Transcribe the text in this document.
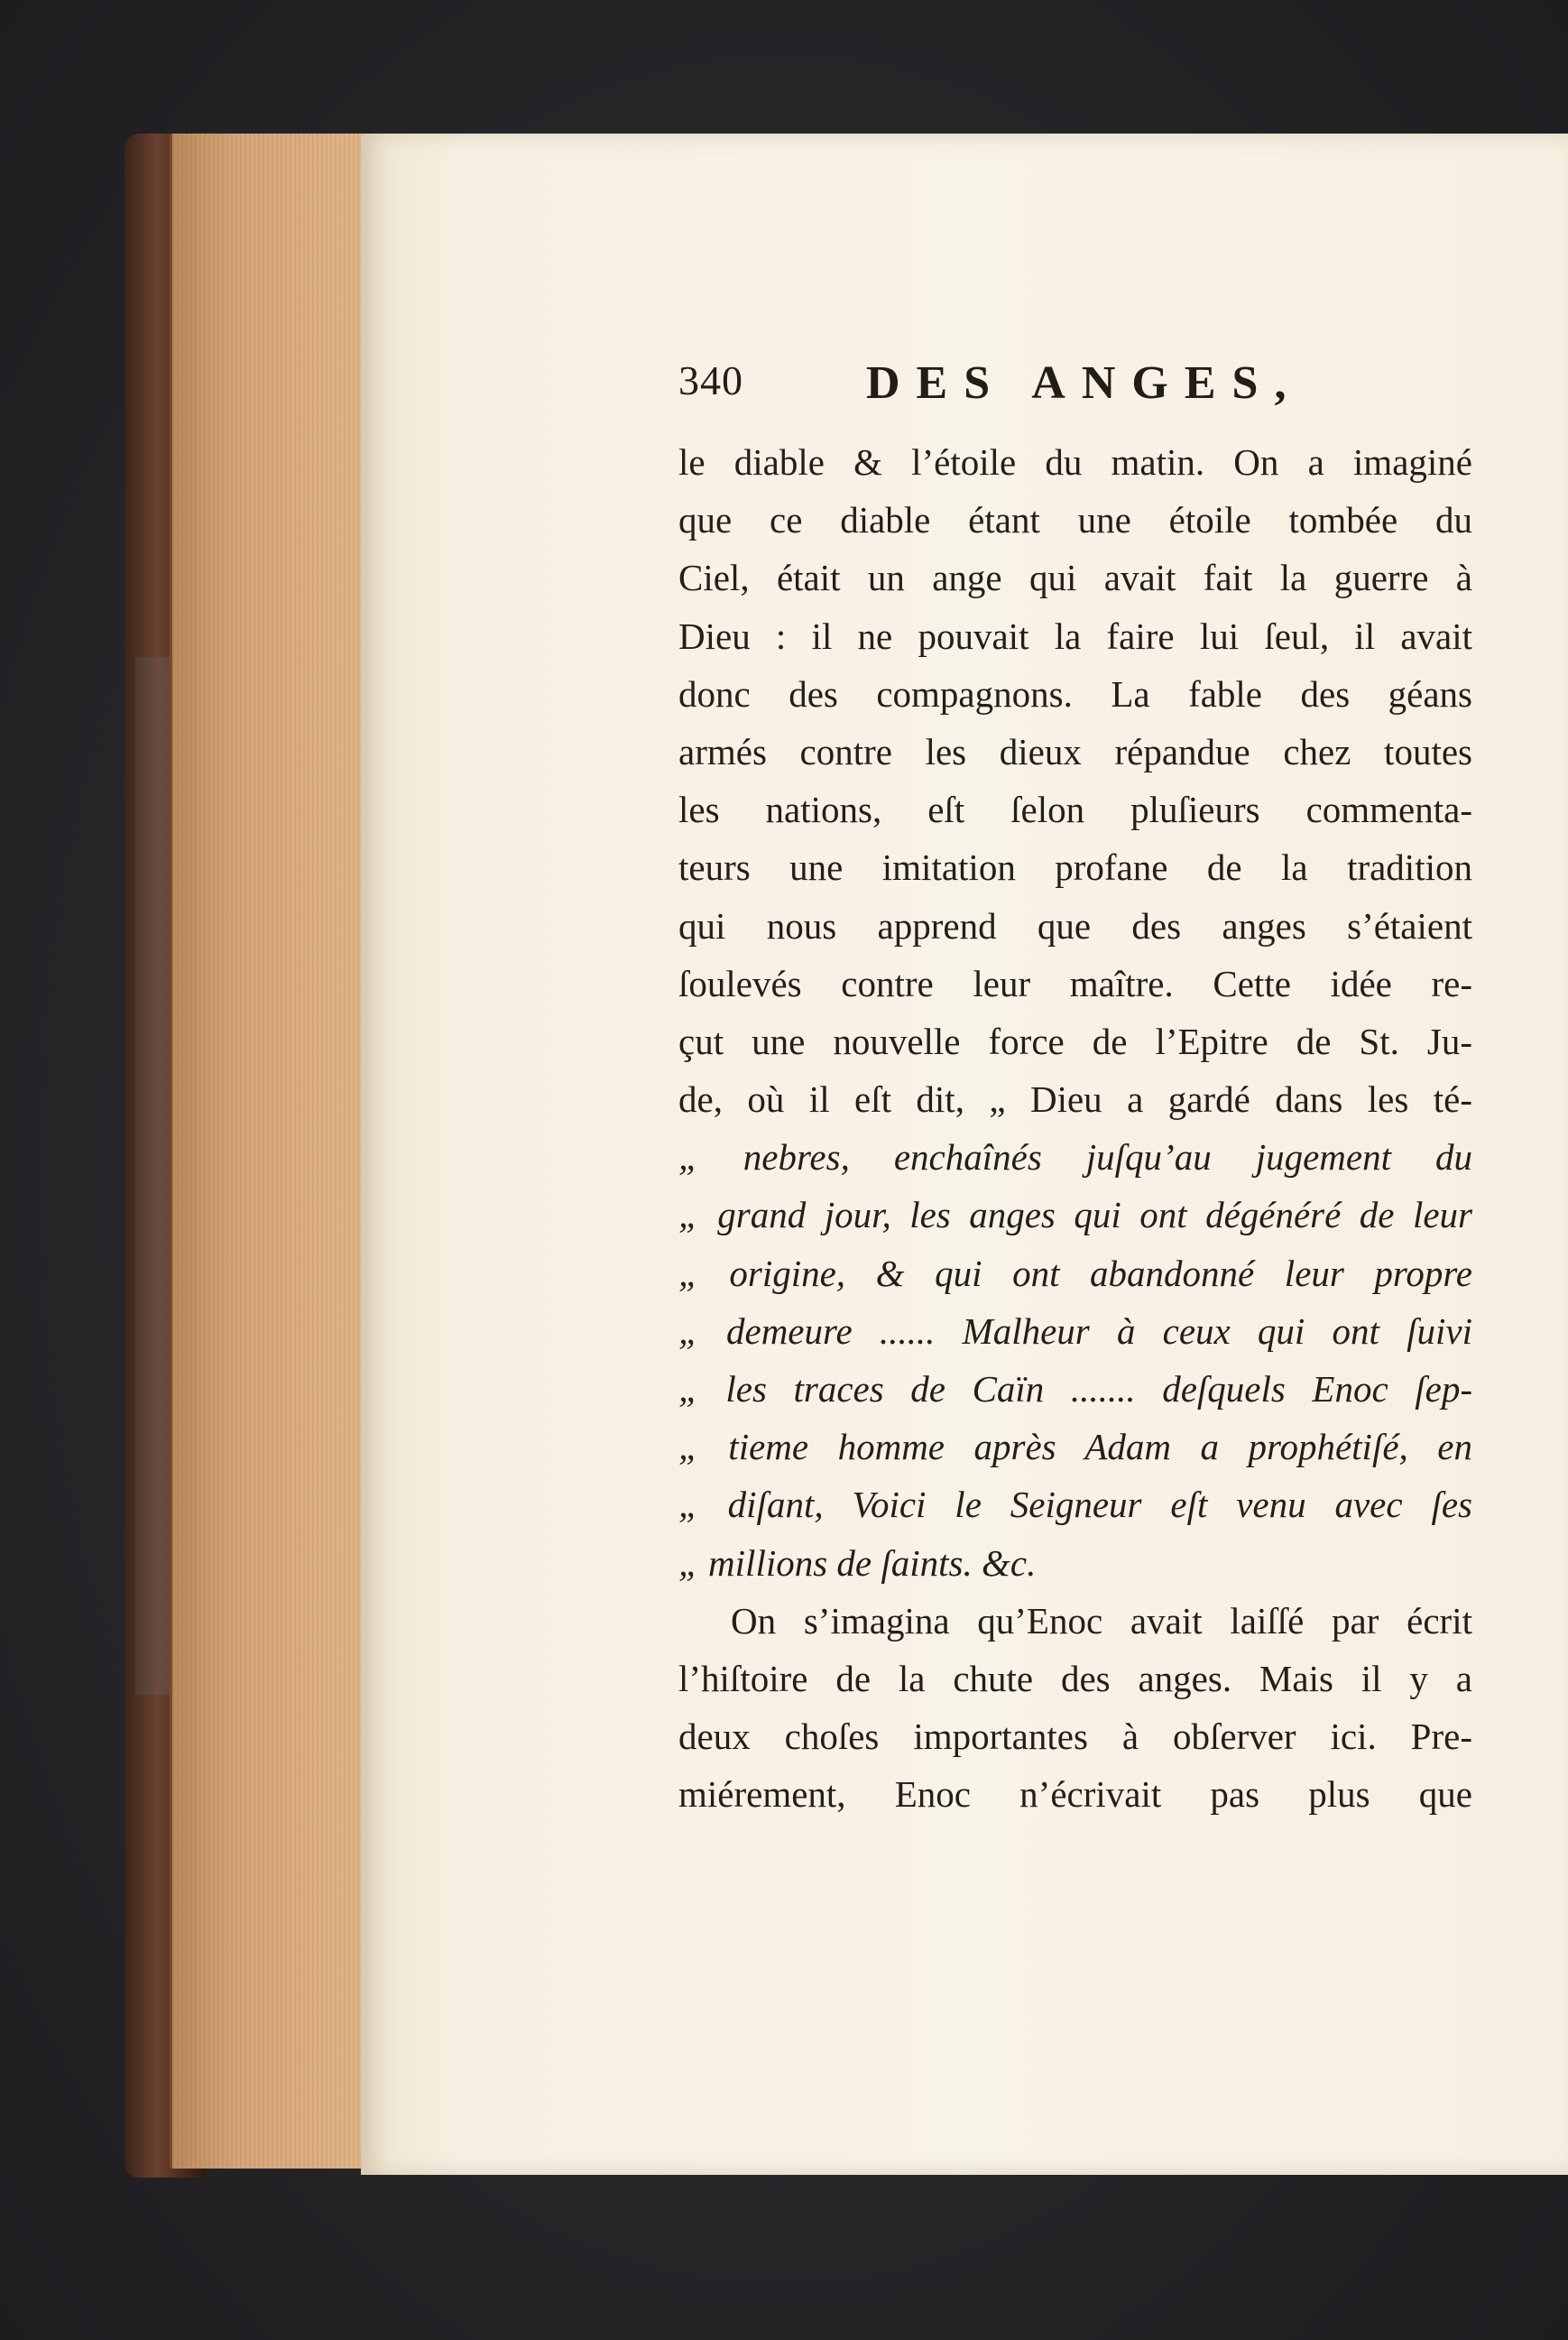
340	DES ANGES,
le diable & l’étoile du matin. On a imaginé
que ce diable étant une étoile tombée du
Ciel, était un ange qui avait fait la guerre à
Dieu : il ne pouvait la faire lui ſeul, il avait
donc des compagnons. La fable des géans
armés contre les dieux répandue chez toutes
les nations, eſt ſelon pluſieurs commenta-
teurs une imitation profane de la tradition
qui nous apprend que des anges s’étaient
ſoulevés contre leur maître. Cette idée re-
çut une nouvelle force de l’Epitre de St. Ju-
de, où il eſt dit, „ Dieu a gardé dans les té-
„ nebres, enchaînés juſqu’au jugement du
„ grand jour, les anges qui ont dégénéré de leur
„ origine, & qui ont abandonné leur propre
„ demeure ...... Malheur à ceux qui ont ſuivi
„ les traces de Caïn ....... deſquels Enoc ſep-
„ tieme homme après Adam a prophétiſé, en
„ diſant, Voici le Seigneur eſt venu avec ſes
„ millions de ſaints. &c.
On s’imagina qu’Enoc avait laiſſé par écrit
l’hiſtoire de la chute des anges. Mais il y a
deux choſes importantes à obſerver ici. Pre-
miérement, Enoc n’écrivait pas plus que
